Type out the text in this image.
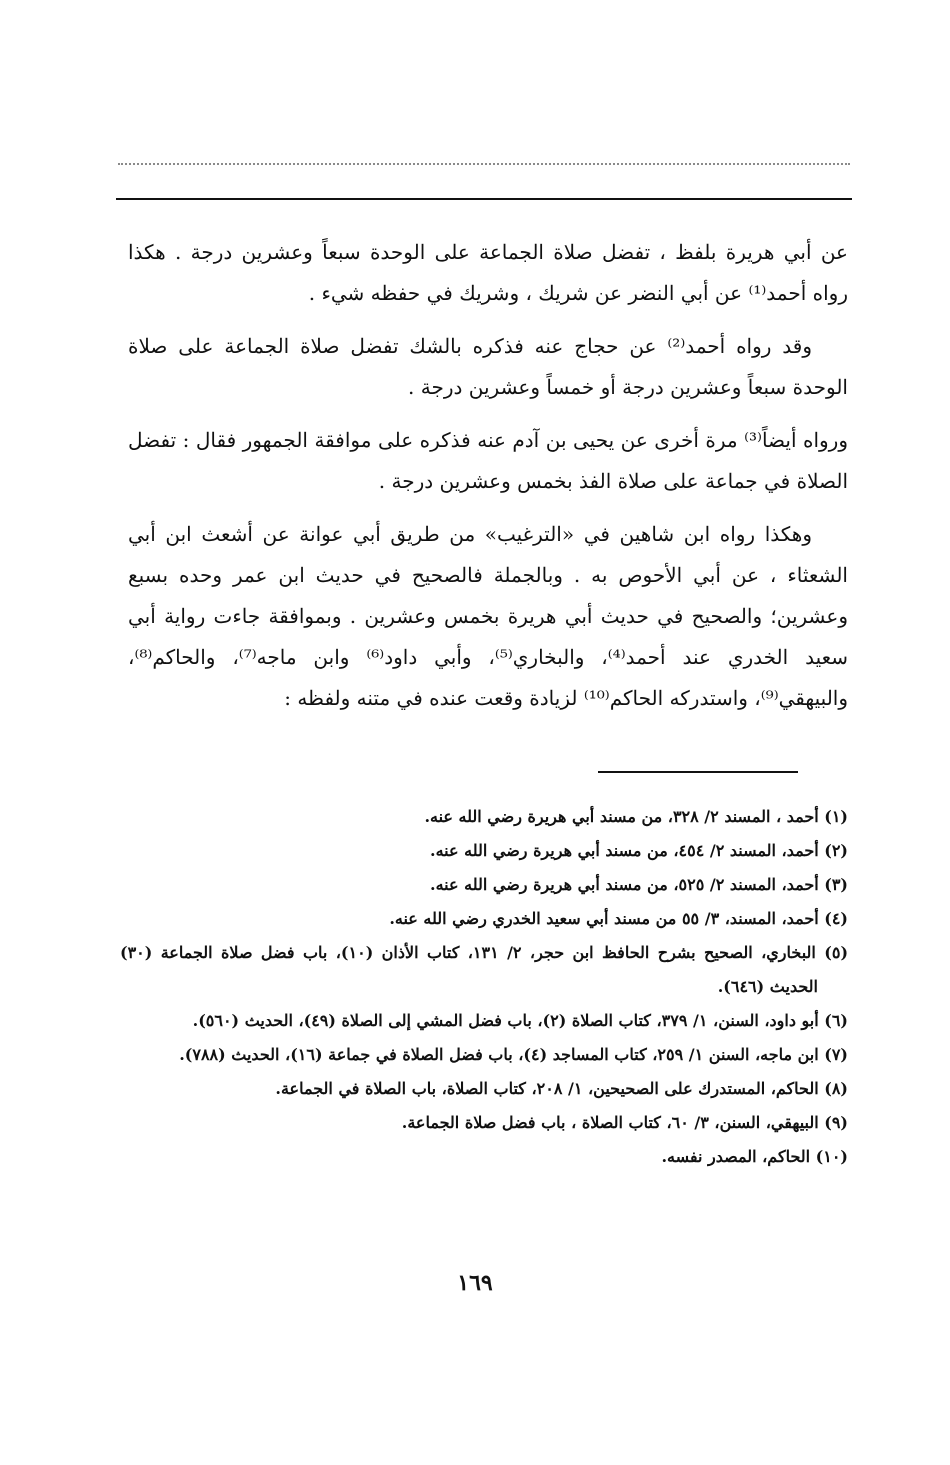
عن أبي هريرة بلفظ ، تفضل صلاة الجماعة على الوحدة سبعاً وعشرين درجة . هكذا رواه أحمد⁽¹⁾ عن أبي النضر عن شريك ، وشريك في حفظه شيء .

وقد رواه أحمد⁽²⁾ عن حجاج عنه فذكره بالشك تفضل صلاة الجماعة على صلاة الوحدة سبعاً وعشرين درجة أو خمساً وعشرين درجة .

ورواه أيضاً⁽³⁾ مرة أخرى عن يحيى بن آدم عنه فذكره على موافقة الجمهور فقال : تفضل الصلاة في جماعة على صلاة الفذ بخمس وعشرين درجة .

وهكذا رواه ابن شاهين في «الترغيب» من طريق أبي عوانة عن أشعث ابن أبي الشعثاء ، عن أبي الأحوص به . وبالجملة فالصحيح في حديث ابن عمر وحده بسبع وعشرين؛ والصحيح في حديث أبي هريرة بخمس وعشرين . وبموافقة جاءت رواية أبي سعيد الخدري عند أحمد⁽⁴⁾، والبخاري⁽⁵⁾، وأبي داود⁽⁶⁾ وابن ماجه⁽⁷⁾، والحاكم⁽⁸⁾، والبيهقي⁽⁹⁾، واستدركه الحاكم⁽¹⁰⁾ لزيادة وقعت عنده في متنه ولفظه :

(١) أحمد ، المسند ٢/ ٣٢٨، من مسند أبي هريرة رضي الله عنه.

(٢) أحمد، المسند ٢/ ٤٥٤، من مسند أبي هريرة رضي الله عنه.

(٣) أحمد، المسند ٢/ ٥٢٥، من مسند أبي هريرة رضي الله عنه.

(٤) أحمد، المسند، ٣/ ٥٥ من مسند أبي سعيد الخدري رضي الله عنه.

(٥) البخاري، الصحيح بشرح الحافظ ابن حجر، ٢/ ١٣١، كتاب الأذان (١٠)، باب فضل صلاة الجماعة (٣٠) الحديث (٦٤٦).

(٦) أبو داود، السنن، ١/ ٣٧٩، كتاب الصلاة (٢)، باب فضل المشي إلى الصلاة (٤٩)، الحديث (٥٦٠).

(٧) ابن ماجه، السنن ١/ ٢٥٩، كتاب المساجد (٤)، باب فضل الصلاة في جماعة (١٦)، الحديث (٧٨٨).

(٨) الحاكم، المستدرك على الصحيحين، ١/ ٢٠٨، كتاب الصلاة، باب الصلاة في الجماعة.

(٩) البيهقي، السنن، ٣/ ٦٠، كتاب الصلاة ، باب فضل صلاة الجماعة.

(١٠) الحاكم، المصدر نفسه.

١٦٩
